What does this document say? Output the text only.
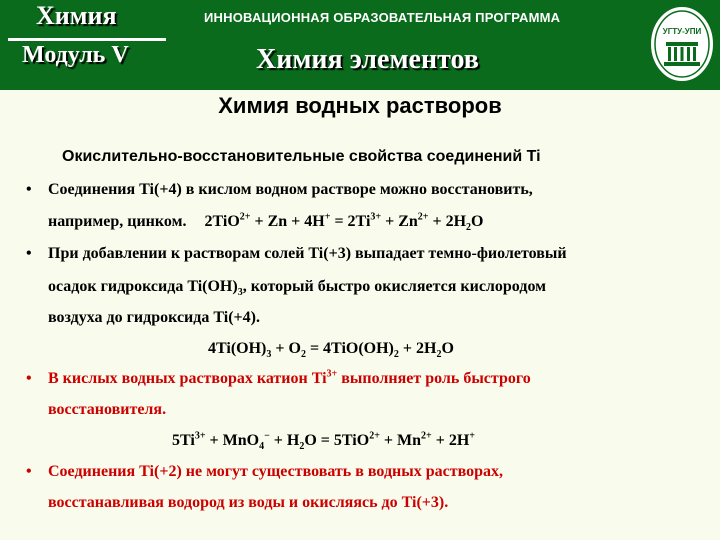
Химия
Модуль V
ИННОВАЦИОННАЯ ОБРАЗОВАТЕЛЬНАЯ ПРОГРАММА
Химия элементов
УГТУ-УПИ
Химия водных растворов
Окислительно-восстановительные свойства соединений Ti
• Соединения Ti(+4) в кислом водном растворе можно восстановить,
например, цинком. $2TiO^{2+} + Zn + 4H^+ = 2Ti^{3+} + Zn^{2+} + 2H_2O$
• При добавлении к растворам солей Ti(+3) выпадает темно-фиолетовый
осадок гидроксида $Ti(OH)_3$, который быстро окисляется кислородом
воздуха до гидроксида Ti(+4).
$4Ti(OH)_3 + O_2 = 4TiO(OH)_2 + 2H_2O$
• В кислых водных растворах катион $Ti^{3+}$ выполняет роль быстрого
восстановителя.
$5Ti^{3+} + MnO_4^- + H_2O = 5TiO^{2+} + Mn^{2+} + 2H^+$
• Соединения Ti(+2) не могут существовать в водных растворах,
восстанавливая водород из воды и окисляясь до Ti(+3).
